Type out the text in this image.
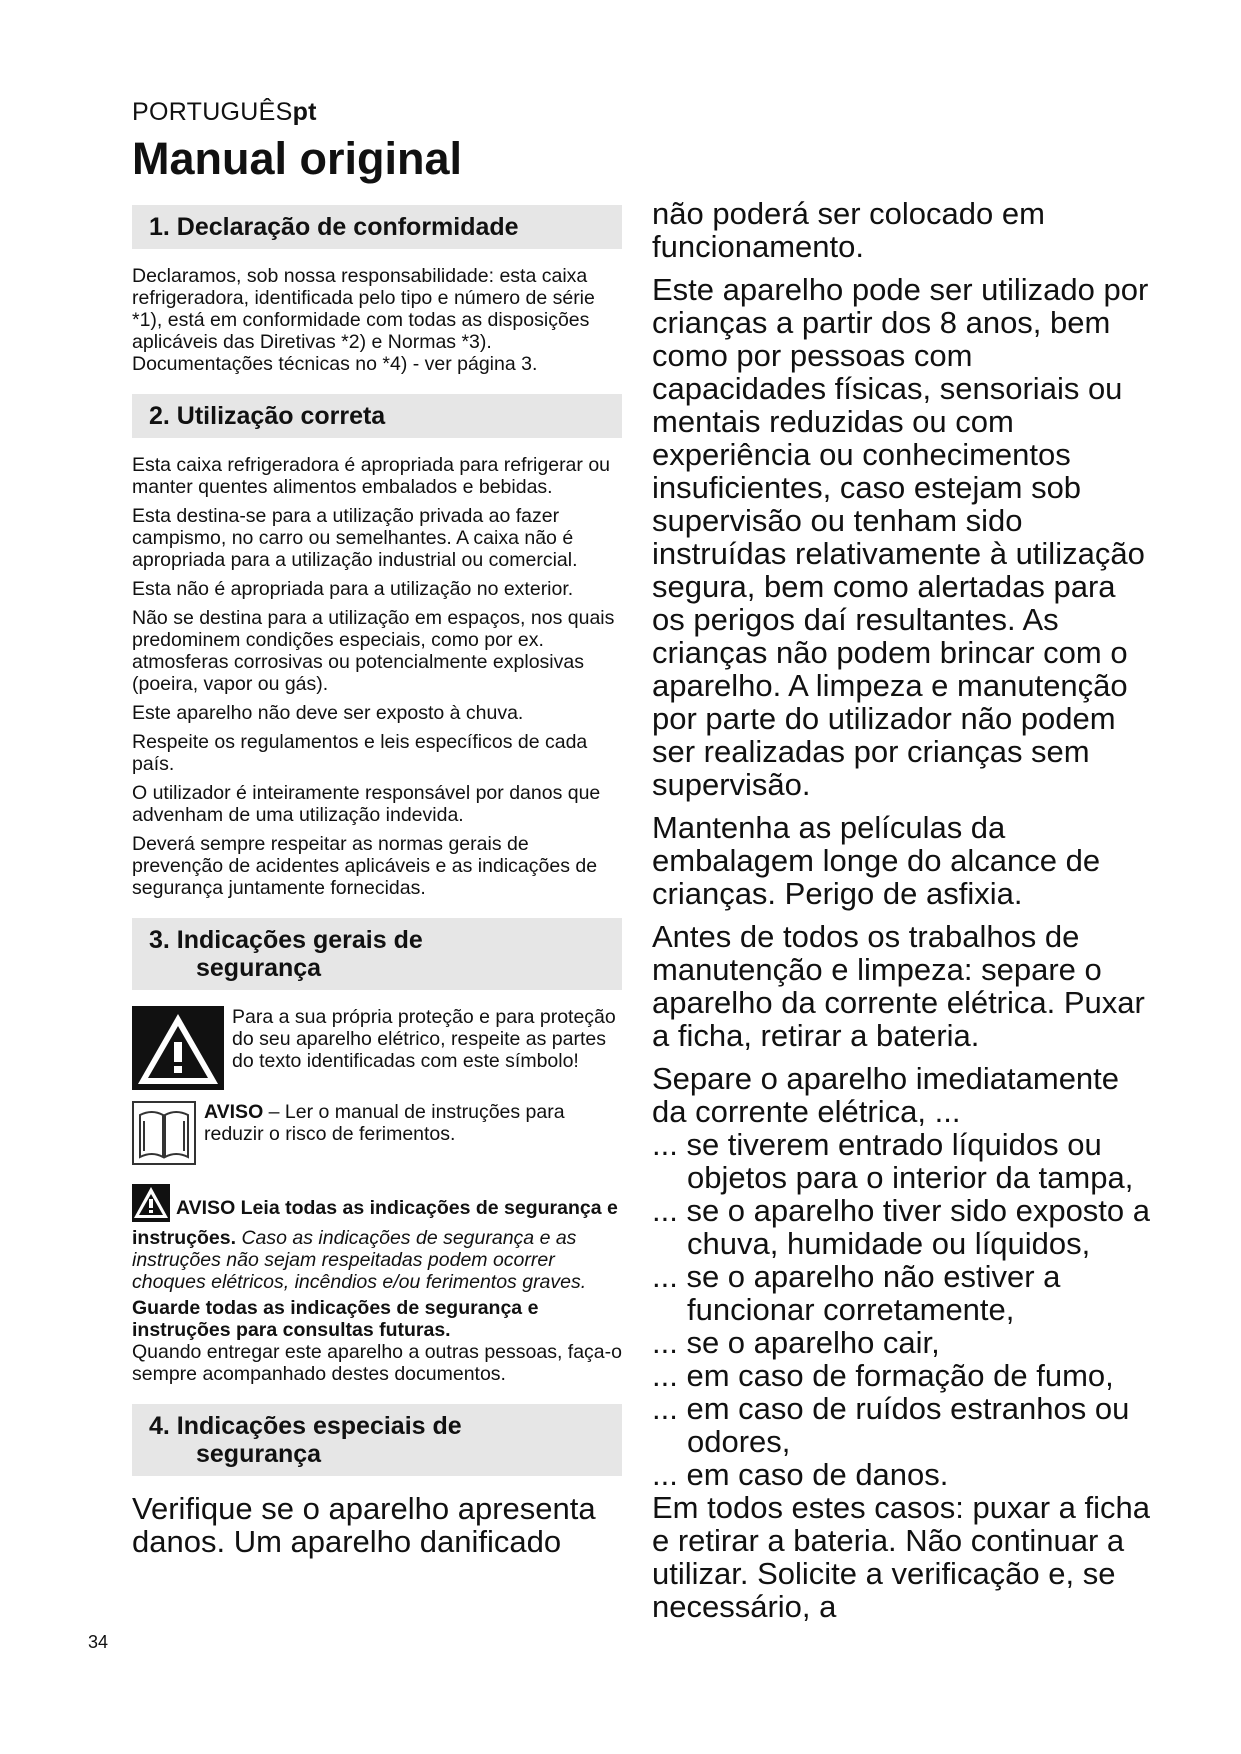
PORTUGUÊSpt
Manual original
1. Declaração de conformidade

Declaramos, sob nossa responsabilidade: esta caixa refrigeradora, identificada pelo tipo e número de série *1), está em conformidade com todas as disposições aplicáveis das Diretivas *2) e Normas *3). Documentações técnicas no *4) - ver página 3.

2. Utilização correta

Esta caixa refrigeradora é apropriada para refrigerar ou manter quentes alimentos embalados e bebidas.

Esta destina-se para a utilização privada ao fazer campismo, no carro ou semelhantes. A caixa não é apropriada para a utilização industrial ou comercial.

Esta não é apropriada para a utilização no exterior.

Não se destina para a utilização em espaços, nos quais predominem condições especiais, como por ex. atmosferas corrosivas ou potencialmente explosivas (poeira, vapor ou gás).

Este aparelho não deve ser exposto à chuva.

Respeite os regulamentos e leis específicos de cada país.

O utilizador é inteiramente responsável por danos que advenham de uma utilização indevida.

Deverá sempre respeitar as normas gerais de prevenção de acidentes aplicáveis e as indicações de segurança juntamente fornecidas.

3. Indicações gerais de
segurança
Para a sua própria proteção e para proteção do seu aparelho elétrico, respeite as partes do texto identificadas com este símbolo!
AVISO – Ler o manual de instruções para reduzir o risco de ferimentos.

AVISO Leia todas as indicações de segurança e instruções. Caso as indicações de segurança e as instruções não sejam respeitadas podem ocorrer choques elétricos, incêndios e/ou ferimentos graves.

Guarde todas as indicações de segurança e instruções para consultas futuras.

Quando entregar este aparelho a outras pessoas, faça-o sempre acompanhado destes documentos.

4. Indicações especiais de
segurança

Verifique se o aparelho apresenta danos. Um aparelho danificado

não poderá ser colocado em funcionamento.

Este aparelho pode ser utilizado por crianças a partir dos 8 anos, bem como por pessoas com capacidades físicas, sensoriais ou mentais reduzidas ou com experiência ou conhecimentos insuficientes, caso estejam sob supervisão ou tenham sido instruídas relativamente à utilização segura, bem como alertadas para os perigos daí resultantes. As crianças não podem brincar com o aparelho. A limpeza e manutenção por parte do utilizador não podem ser realizadas por crianças sem supervisão.

Mantenha as películas da embalagem longe do alcance de crianças. Perigo de asfixia.

Antes de todos os trabalhos de manutenção e limpeza: separe o aparelho da corrente elétrica. Puxar a ficha, retirar a bateria.

Separe o aparelho imediatamente da corrente elétrica, ...

... se tiverem entrado líquidos ou objetos para o interior da tampa,
... se o aparelho tiver sido exposto a chuva, humidade ou líquidos,
... se o aparelho não estiver a funcionar corretamente,
... se o aparelho cair,
... em caso de formação de fumo,
... em caso de ruídos estranhos ou odores,
... em caso de danos.

Em todos estes casos: puxar a ficha e retirar a bateria. Não continuar a utilizar. Solicite a verificação e, se necessário, a

34
